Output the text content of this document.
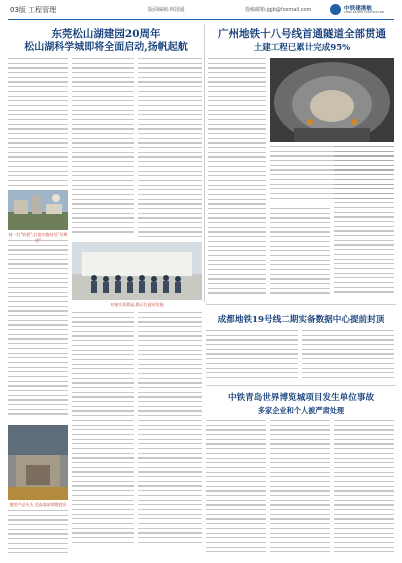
03版 工程管理	版面编辑:林国通	投稿邮箱:jgjb@foxmail.com	中铁建港航
CHINA RAILWAY CONSTRUCTION
东莞松山湖建园20周年
松山湖科学城即将全面启动,扬帆起航
广州地铁十八号线首通隧道全部贯通
土建工程已累计完成95%
持一打"收机",打造实跑站设"早期
地铁产品头头,毛高客前期建提出
对接实质群是,揭示打造站设施
成都地铁19号线二期实备数据中心提前封顶
中铁青岛世界博览城项目发生单位事故
多家企业和个人被严肃处理
